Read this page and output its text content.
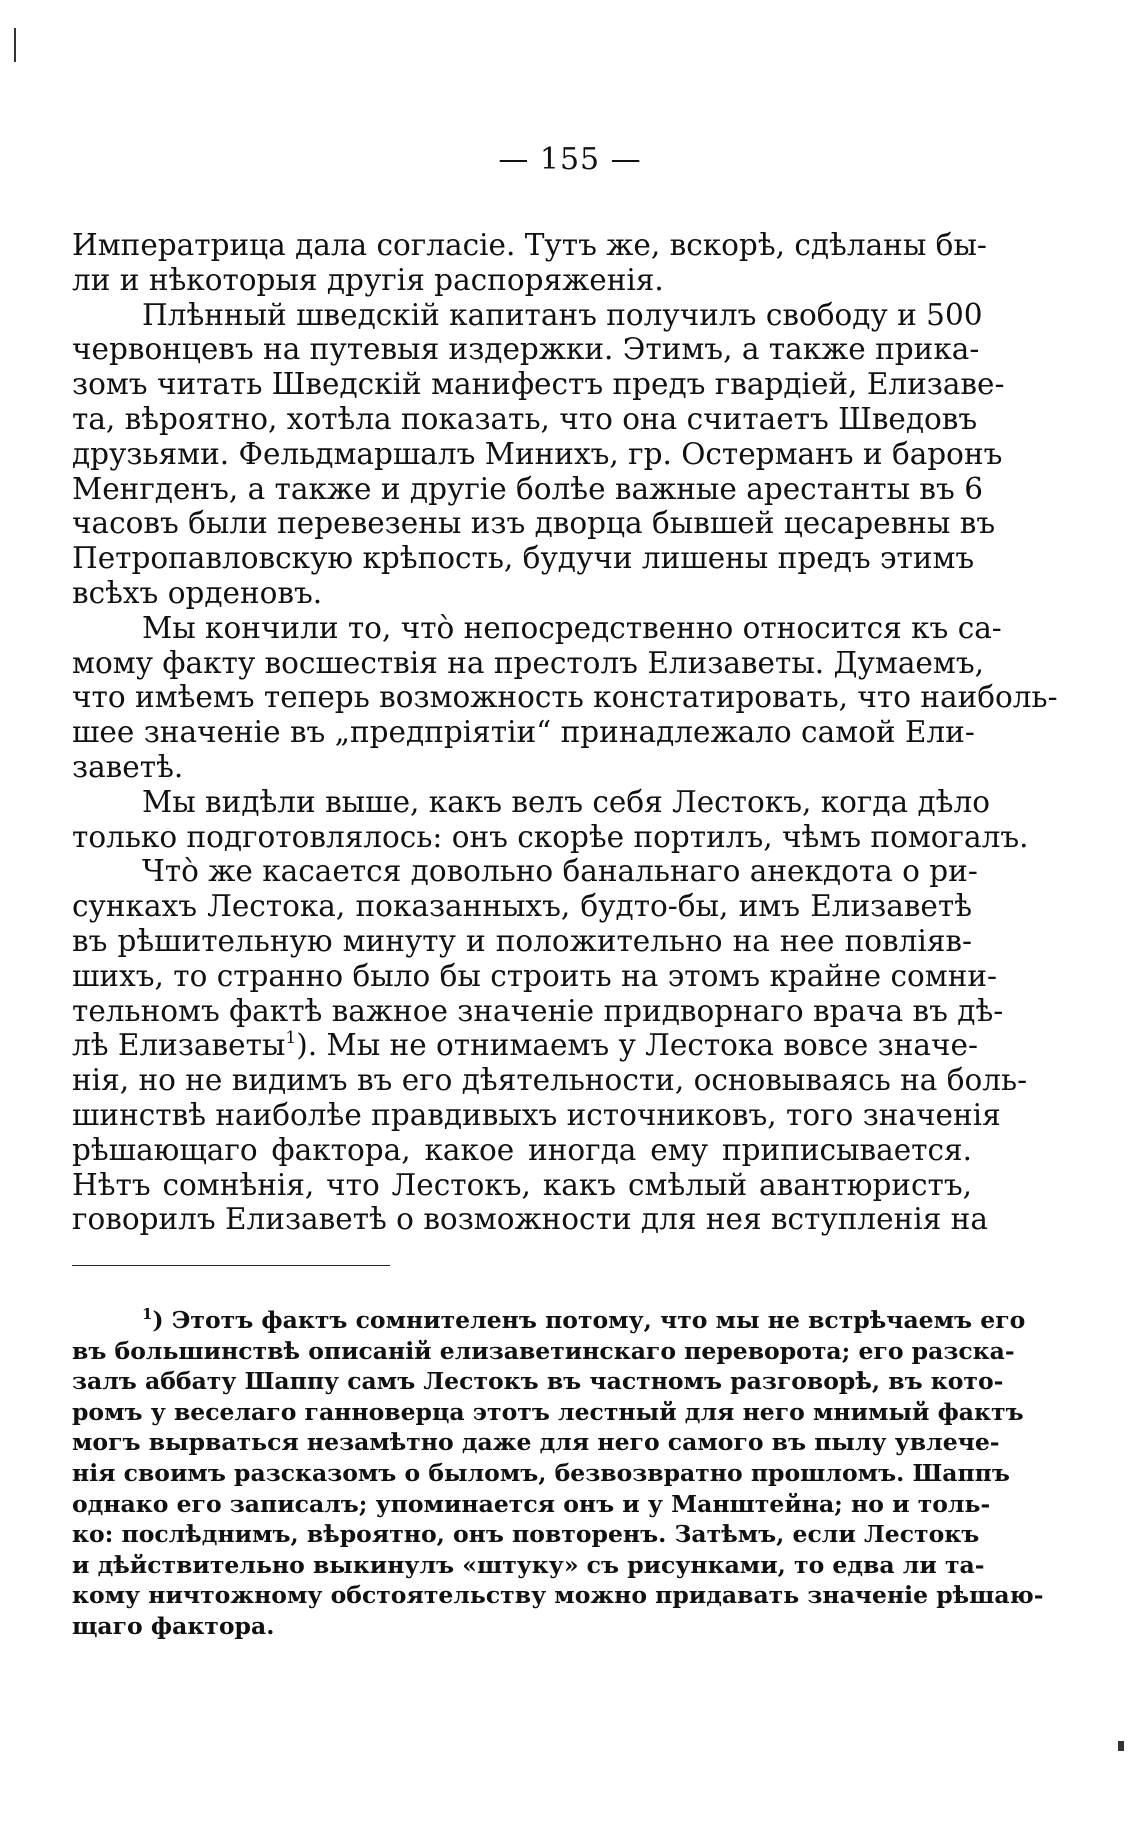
— 155 —
Императрица дала согласіе. Тутъ же, вскорѣ, сдѣланы бы-
ли и нѣкоторыя другія распоряженія.
Плѣнный шведскій капитанъ получилъ свободу и 500
червонцевъ на путевыя издержки. Этимъ, а также прика-
зомъ читать Шведскій манифестъ предъ гвардіей, Елизаве-
та, вѣроятно, хотѣла показать, что она считаетъ Шведовъ
друзьями. Фельдмаршалъ Минихъ, гр. Остерманъ и баронъ
Менгденъ, а также и другіе болѣе важные арестанты въ 6
часовъ были перевезены изъ дворца бывшей цесаревны въ
Петропавловскую крѣпость, будучи лишены предъ этимъ
всѣхъ орденовъ.
Мы кончили то, что̀ непосредственно относится къ са-
мому факту восшествія на престолъ Елизаветы. Думаемъ,
что имѣемъ теперь возможность констатировать, что наиболь-
шее значеніе въ „предпріятіи“ принадлежало самой Ели-
заветѣ.
Мы видѣли выше, какъ велъ себя Лестокъ, когда дѣло
только подготовлялось: онъ скорѣе портилъ, чѣмъ помогалъ.
Что̀ же касается довольно банальнаго анекдота о ри-
сункахъ Лестока, показанныхъ, будто-бы, имъ Елизаветѣ
въ рѣшительную минуту и положительно на нее повліяв-
шихъ, то странно было бы строить на этомъ крайне сомни-
тельномъ фактѣ важное значеніе придворнаго врача въ дѣ-
лѣ Елизаветы$^1$). Мы не отнимаемъ у Лестока вовсе значе-
нія, но не видимъ въ его дѣятельности, основываясь на боль-
шинствѣ наиболѣе правдивыхъ источниковъ, того значенія
рѣшающаго фактора, какое иногда ему приписывается.
Нѣтъ сомнѣнія, что Лестокъ, какъ смѣлый авантюристъ,
говорилъ Елизаветѣ о возможности для нея вступленія на
$^1$) Этотъ фактъ сомнителенъ потому, что мы не встрѣчаемъ его
въ большинствѣ описаній елизаветинскаго переворота; его разска-
залъ аббату Шаппу самъ Лестокъ въ частномъ разговорѣ, въ кото-
ромъ у веселаго ганноверца этотъ лестный для него мнимый фактъ
могъ вырваться незамѣтно даже для него самого въ пылу увлече-
нія своимъ разсказомъ о быломъ, безвозвратно прошломъ. Шаппъ
однако его записалъ; упоминается онъ и у Манштейна; но и толь-
ко: послѣднимъ, вѣроятно, онъ повторенъ. Затѣмъ, если Лестокъ
и дѣйствительно выкинулъ «штуку» съ рисунками, то едва ли та-
кому ничтожному обстоятельству можно придавать значеніе рѣшаю-
щаго фактора.
